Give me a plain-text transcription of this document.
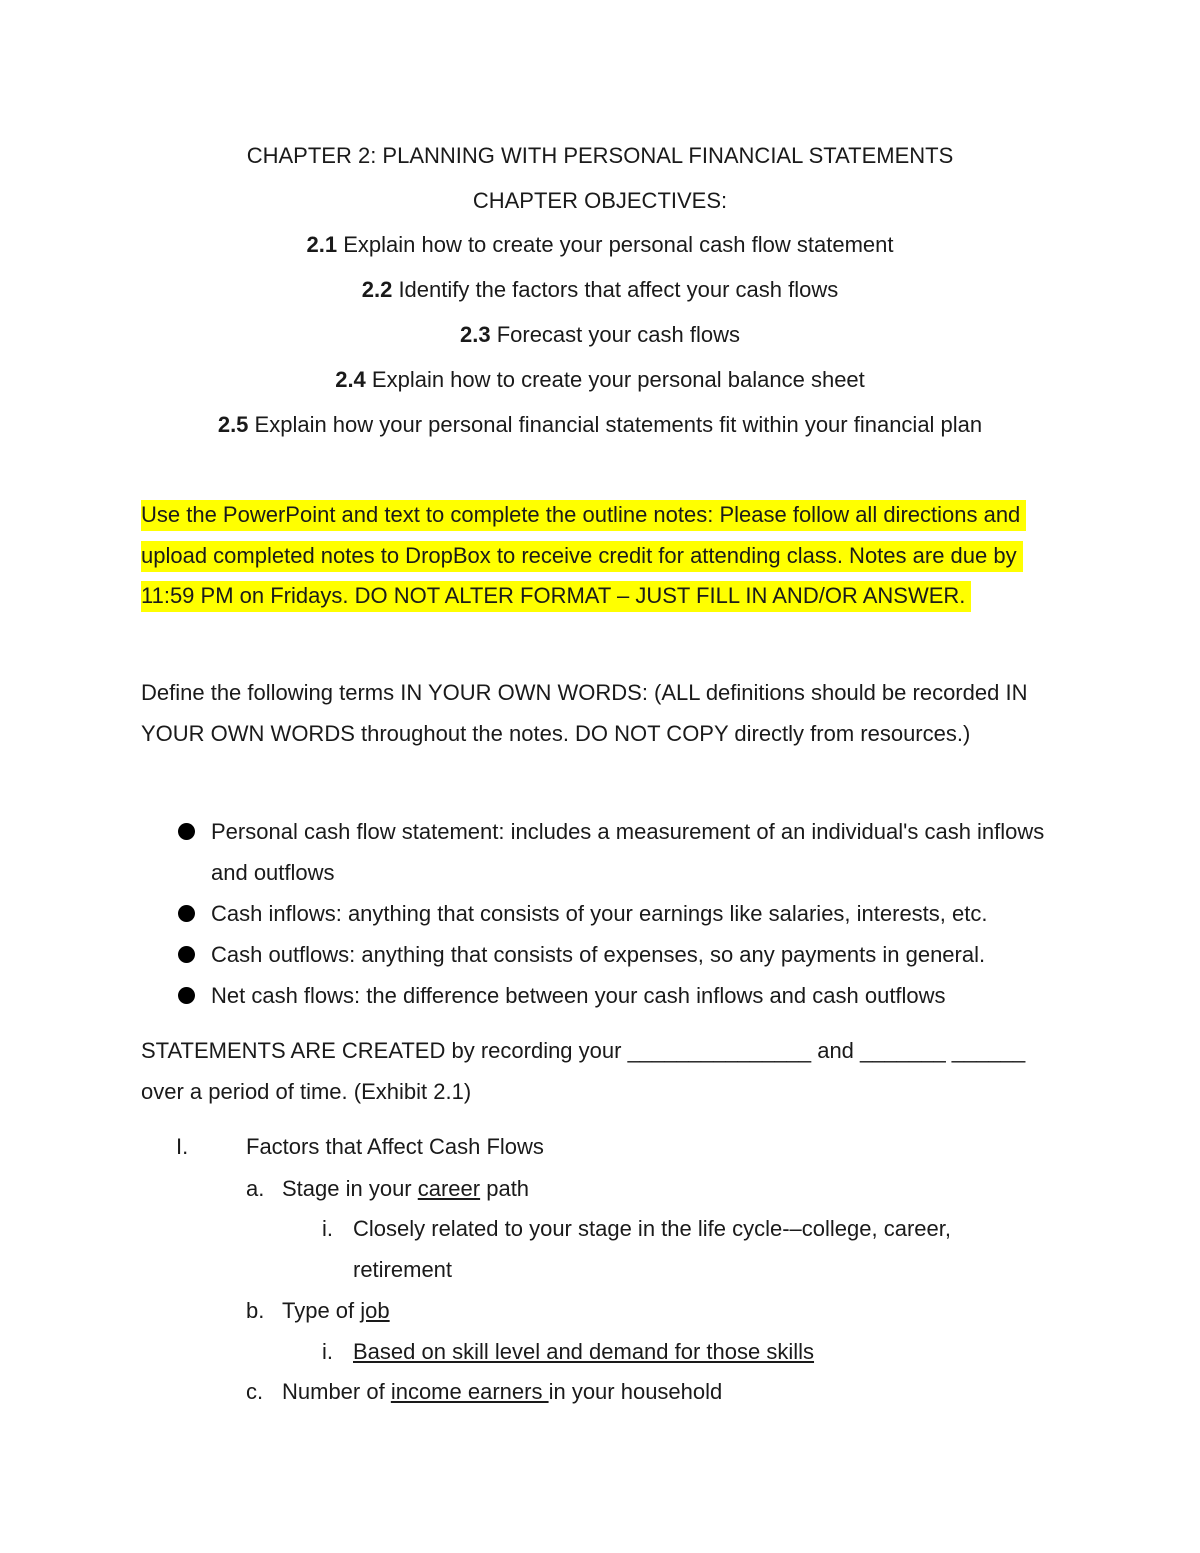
CHAPTER 2: PLANNING WITH PERSONAL FINANCIAL STATEMENTS
CHAPTER OBJECTIVES:
2.1 Explain how to create your personal cash flow statement
2.2 Identify the factors that affect your cash flows
2.3 Forecast your cash flows
2.4 Explain how to create your personal balance sheet
2.5 Explain how your personal financial statements fit within your financial plan
Use the PowerPoint and text to complete the outline notes: Please follow all directions and upload completed notes to DropBox to receive credit for attending class. Notes are due by 11:59 PM on Fridays. DO NOT ALTER FORMAT – JUST FILL IN AND/OR ANSWER.
Define the following terms IN YOUR OWN WORDS: (ALL definitions should be recorded IN YOUR OWN WORDS throughout the notes. DO NOT COPY directly from resources.)
Personal cash flow statement: includes a measurement of an individual's cash inflows and outflows
Cash inflows: anything that consists of your earnings like salaries, interests, etc.
Cash outflows: anything that consists of expenses, so any payments in general.
Net cash flows: the difference between your cash inflows and cash outflows
STATEMENTS ARE CREATED by recording your _______________ and _______ ______ over a period of time. (Exhibit 2.1)
I.	Factors that Affect Cash Flows
a. Stage in your career path
i. Closely related to your stage in the life cycle-–college, career,
retirement
b. Type of job
i. Based on skill level and demand for those skills
c. Number of income earners in your household
